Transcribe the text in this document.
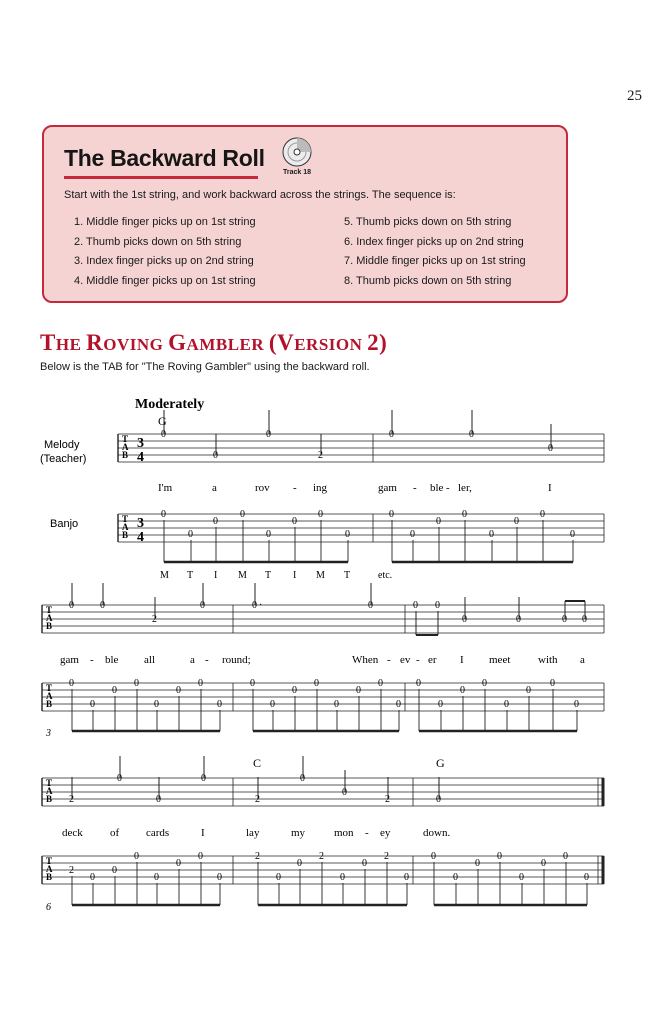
25
The Backward Roll
Track 18
Start with the 1st string, and work backward across the strings. The sequence is:
1. Middle finger picks up on 1st string
2. Thumb picks down on 5th string
3. Index finger picks up on 2nd string
4. Middle finger picks up on 1st string
5. Thumb picks down on 5th string
6. Index finger picks up on 2nd string
7. Middle finger picks up on 1st string
8. Thumb picks down on 5th string
THE ROVING GAMBLER (VERSION 2)
Below is the TAB for "The Roving Gambler" using the backward roll.
Moderately
G
Melody
(Teacher)
Banjo
T
A
B
T
A
B
3
4
3
4
0
0
0
2
0	0
0
I'm	a	rov - ing	gam - ble - ler,	I
0
0
0
0
0
0
0
0
0
0
0
0
0
0
0
0
M T I M T I M T	etc.
T
A
B
T
A
B
0	0
2
0	0 ·	0	0 0
0	0	0 0
gam - ble all	a - round;	When - ev - er I meet	with a
0
0
0
0
0
0
0
0
0
0
0
0
0
0
0
0
0
0
0
0
0
0
0
0
3
C	G
T
A
B
T
A
B
2
0
0
0
2
0
0
2	0
deck of cards	I	lay	my	mon - ey	down.
2
0
0
0
0
0
0
0
2
0
0
2
0
0
2
0
0
0
0
0
0
0
0
0
6
